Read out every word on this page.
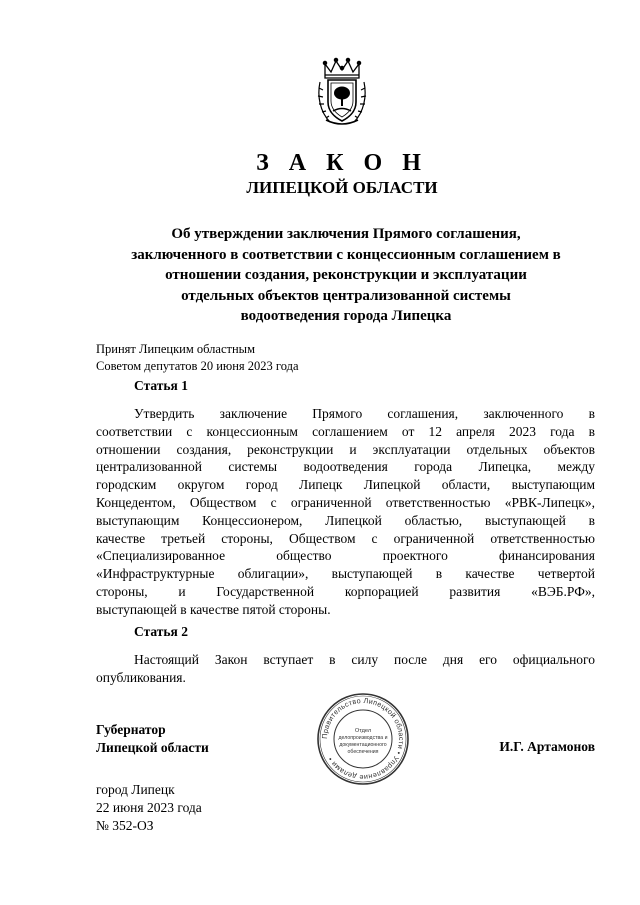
З А К О Н
ЛИПЕЦКОЙ ОБЛАСТИ
Об утверждении заключения Прямого соглашения,
заключенного в соответствии с концессионным соглашением в
отношении создания, реконструкции и эксплуатации
отдельных объектов централизованной системы
водоотведения города Липецка
Принят Липецким областным
Советом депутатов 20 июня 2023 года
Статья 1
Утвердить заключение Прямого соглашения, заключенного в
соответствии с концессионным соглашением от 12 апреля 2023 года в
отношении создания, реконструкции и эксплуатации отдельных объектов
централизованной системы водоотведения города Липецка, между
городским округом город Липецк Липецкой области, выступающим
Концедентом, Обществом с ограниченной ответственностью «РВК-Липецк»,
выступающим Концессионером, Липецкой областью, выступающей в
качестве третьей стороны, Обществом с ограниченной ответственностью
«Специализированное общество проектного финансирования
«Инфраструктурные облигации», выступающей в качестве четвертой
стороны, и Государственной корпорацией развития «ВЭБ.РФ»,
выступающей в качестве пятой стороны.
Статья 2
Настоящий Закон вступает в силу после дня его официального
опубликования.
Губернатор
Липецкой области
Правительство Липецкой области • Управление делами •
Отдел
делопроизводства и
документационного
обеспечения	И.Г. Артамонов
город Липецк
22 июня 2023 года
№ 352-ОЗ
